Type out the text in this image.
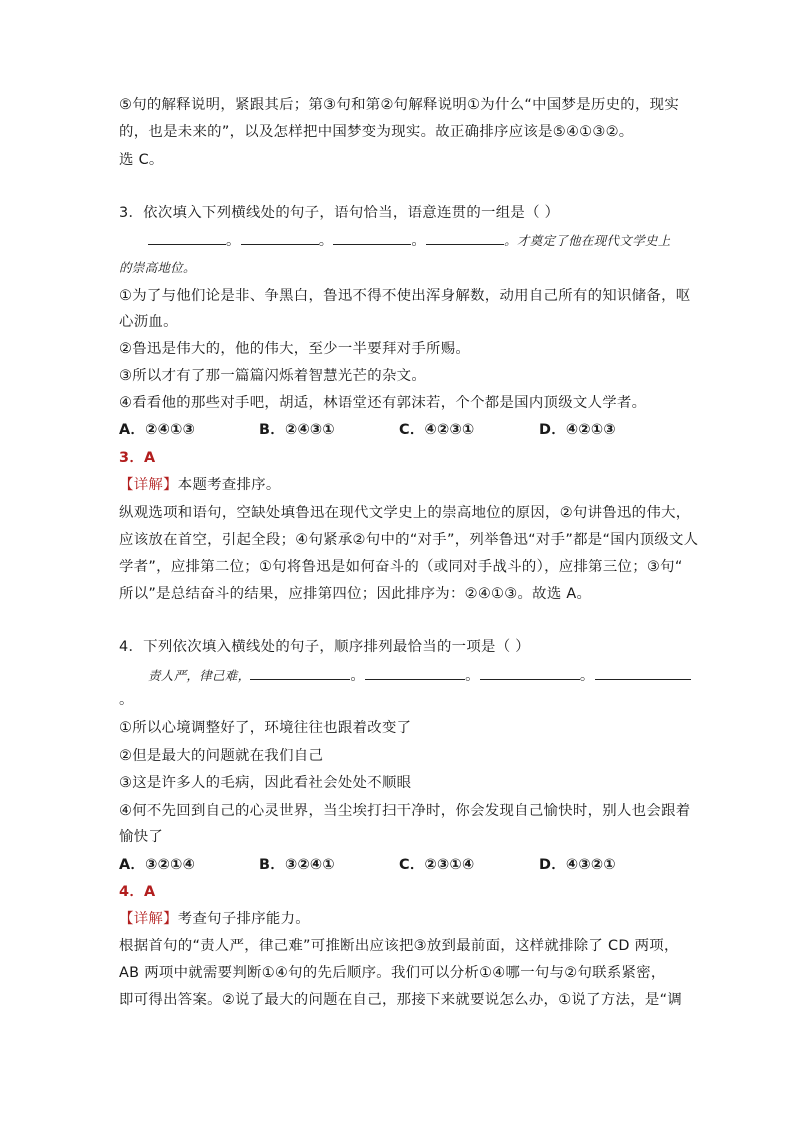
⑤句的解释说明，紧跟其后；第③句和第②句解释说明①为什么“中国梦是历史的，现实
的，也是未来的”，以及怎样把中国梦变为现实。故正确排序应该是⑤④①③②。
选 C。
3．依次填入下列横线处的句子，语句恰当，语意连贯的一组是（ ）
。	。	。	。才奠定了他在现代文学史上
的崇高地位。
①为了与他们论是非、争黑白，鲁迅不得不使出浑身解数，动用自己所有的知识储备，呕
心沥血。
②鲁迅是伟大的，他的伟大，至少一半要拜对手所赐。
③所以才有了那一篇篇闪烁着智慧光芒的杂文。
④看看他的那些对手吧，胡适，林语堂还有郭沫若，个个都是国内顶级文人学者。
A．②④①③	B．②④③①	C．④②③①	D．④②①③
3．A
【详解】本题考查排序。
纵观选项和语句，空缺处填鲁迅在现代文学史上的崇高地位的原因，②句讲鲁迅的伟大，
应该放在首空，引起全段；④句紧承②句中的“对手”，列举鲁迅“对手”都是“国内顶级文人
学者”，应排第二位；①句将鲁迅是如何奋斗的（或同对手战斗的），应排第三位；③句“
所以”是总结奋斗的结果，应排第四位；因此排序为：②④①③。故选 A。
4．下列依次填入横线处的句子，顺序排列最恰当的一项是（ ）
责人严，律己难，	。	。	。
。
①所以心境调整好了，环境往往也跟着改变了
②但是最大的问题就在我们自己
③这是许多人的毛病，因此看社会处处不顺眼
④何不先回到自己的心灵世界，当尘埃打扫干净时，你会发现自己愉快时，别人也会跟着
愉快了
A．③②①④	B．③②④①	C．②③①④	D．④③②①
4．A
【详解】考查句子排序能力。
根据首句的“责人严，律己难”可推断出应该把③放到最前面，这样就排除了 CD 两项，
AB 两项中就需要判断①④句的先后顺序。我们可以分析①④哪一句与②句联系紧密，
即可得出答案。②说了最大的问题在自己，那接下来就要说怎么办，①说了方法，是“调
